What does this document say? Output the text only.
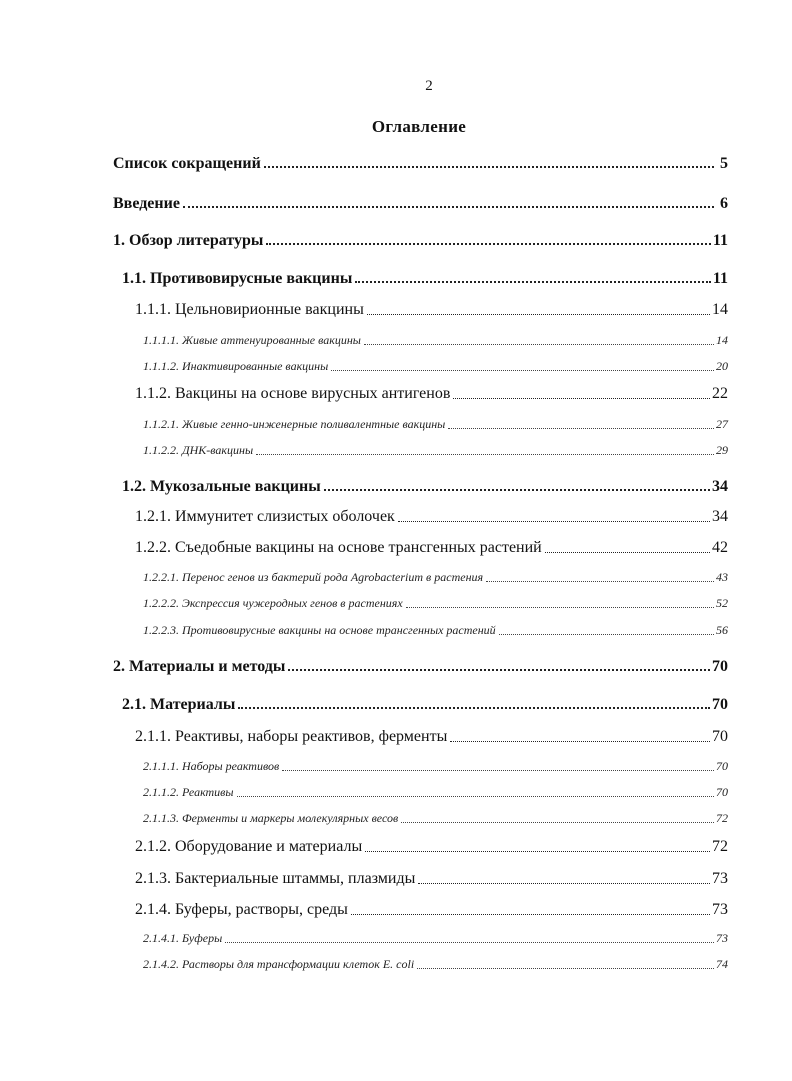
2
Оглавление
Список сокращений	5
Введение	6
1. Обзор литературы	11
1.1. Противовирусные вакцины	11
1.1.1. Цельновирионные вакцины	14
1.1.1.1. Живые аттенуированные вакцины	14
1.1.1.2. Инактивированные вакцины	20
1.1.2. Вакцины на основе вирусных антигенов	22
1.1.2.1. Живые генно-инженерные поливалентные вакцины	27
1.1.2.2. ДНК-вакцины	29
1.2. Мукозальные вакцины	34
1.2.1. Иммунитет слизистых оболочек	34
1.2.2. Съедобные вакцины на основе трансгенных растений	42
1.2.2.1. Перенос генов из бактерий рода Agrobacterium в растения	43
1.2.2.2. Экспрессия чужеродных генов в растениях	52
1.2.2.3. Противовирусные вакцины на основе трансгенных растений	56
2. Материалы и методы	70
2.1. Материалы	70
2.1.1. Реактивы, наборы реактивов, ферменты	70
2.1.1.1. Наборы реактивов	70
2.1.1.2. Реактивы	70
2.1.1.3. Ферменты и маркеры молекулярных весов	72
2.1.2. Оборудование и материалы	72
2.1.3. Бактериальные штаммы, плазмиды	73
2.1.4. Буферы, растворы, среды	73
2.1.4.1. Буферы	73
2.1.4.2. Растворы для трансформации клеток E. coli	74
